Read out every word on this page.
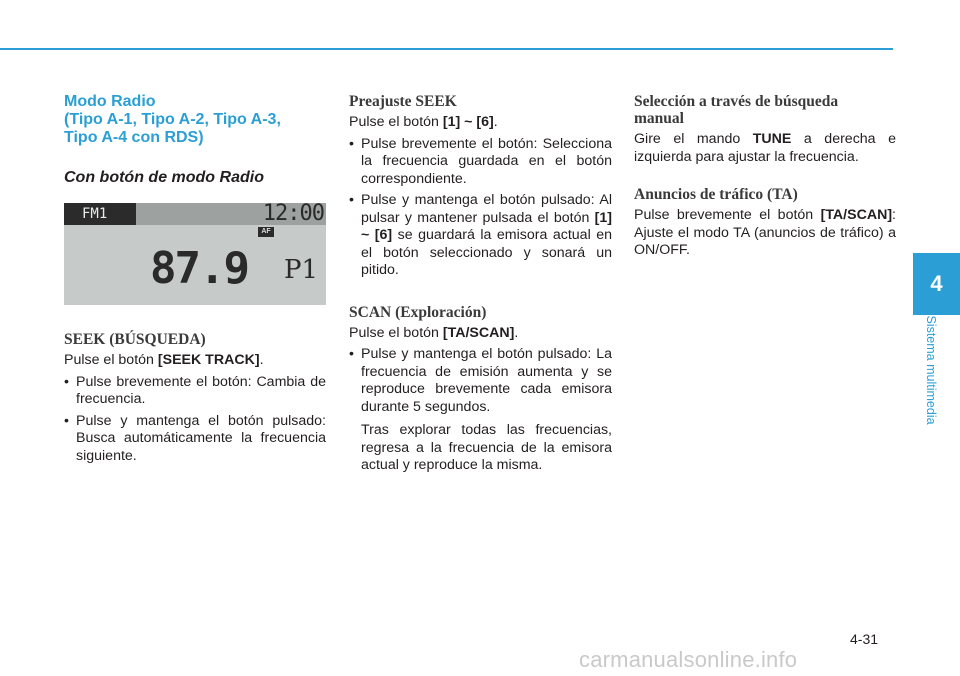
Modo Radio
(Tipo A-1, Tipo A-2, Tipo A-3,
Tipo A-4 con RDS)

Con botón de modo Radio

FM1	12:00
AF
87.9 P1

SEEK (BÚSQUEDA)

Pulse el botón [SEEK TRACK].

• Pulse brevemente el botón: Cambia de frecuencia.
• Pulse y mantenga el botón pulsado: Busca automáticamente la frecuencia siguiente.

Preajuste SEEK

Pulse el botón [1] ~ [6].

• Pulse brevemente el botón: Selecciona la frecuencia guardada en el botón correspondiente.
• Pulse y mantenga el botón pulsado: Al pulsar y mantener pulsada el botón [1] ~ [6] se guardará la emisora actual en el botón seleccionado y sonará un pitido.

SCAN (Exploración)

Pulse el botón [TA/SCAN].

• Pulse y mantenga el botón pulsado: La frecuencia de emisión aumenta y se reproduce brevemente cada emisora durante 5 segundos.

Tras explorar todas las frecuencias, regresa a la frecuencia de la emisora actual y reproduce la misma.

Selección a través de búsqueda
manual

Gire el mando TUNE a derecha e izquierda para ajustar la frecuencia.

Anuncios de tráfico (TA)

Pulse brevemente el botón [TA/SCAN]: Ajuste el modo TA (anuncios de tráfico) a ON/OFF.

4
Sistema multimedia
4-31
carmanualsonline.info
